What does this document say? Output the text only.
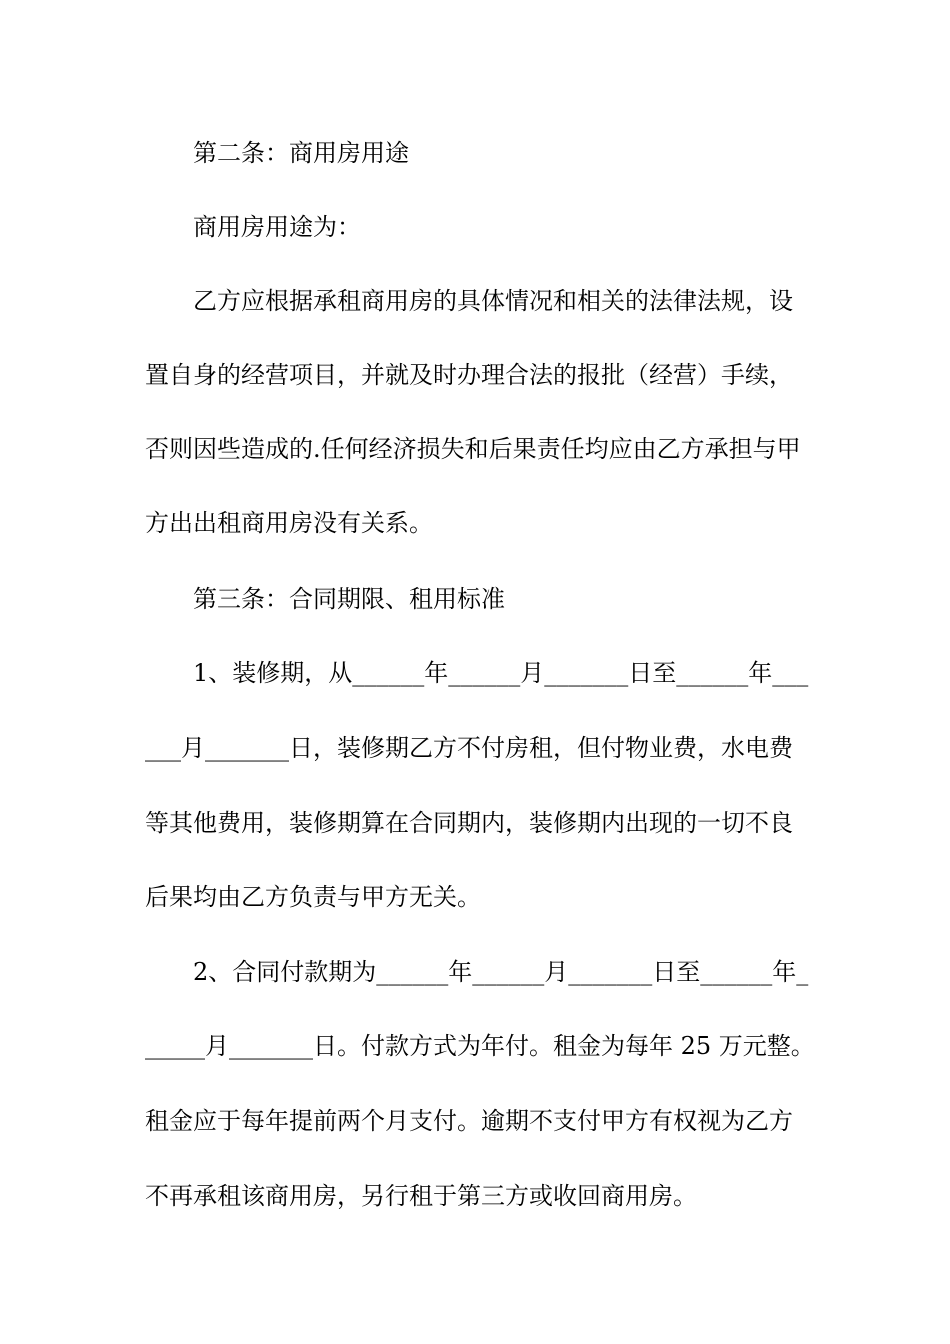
第二条：商用房用途
商用房用途为：
乙方应根据承租商用房的具体情况和相关的法律法规，设
置自身的经营项目，并就及时办理合法的报批（经营）手续，
否则因些造成的.任何经济损失和后果责任均应由乙方承担与甲
方出出租商用房没有关系。
第三条：合同期限、租用标准
1、装修期，从______年______月_______日至______年___
___月_______日，装修期乙方不付房租，但付物业费，水电费
等其他费用，装修期算在合同期内，装修期内出现的一切不良
后果均由乙方负责与甲方无关。
2、合同付款期为______年______月_______日至______年_
_____月_______日。付款方式为年付。租金为每年 25 万元整。
租金应于每年提前两个月支付。逾期不支付甲方有权视为乙方
不再承租该商用房，另行租于第三方或收回商用房。
